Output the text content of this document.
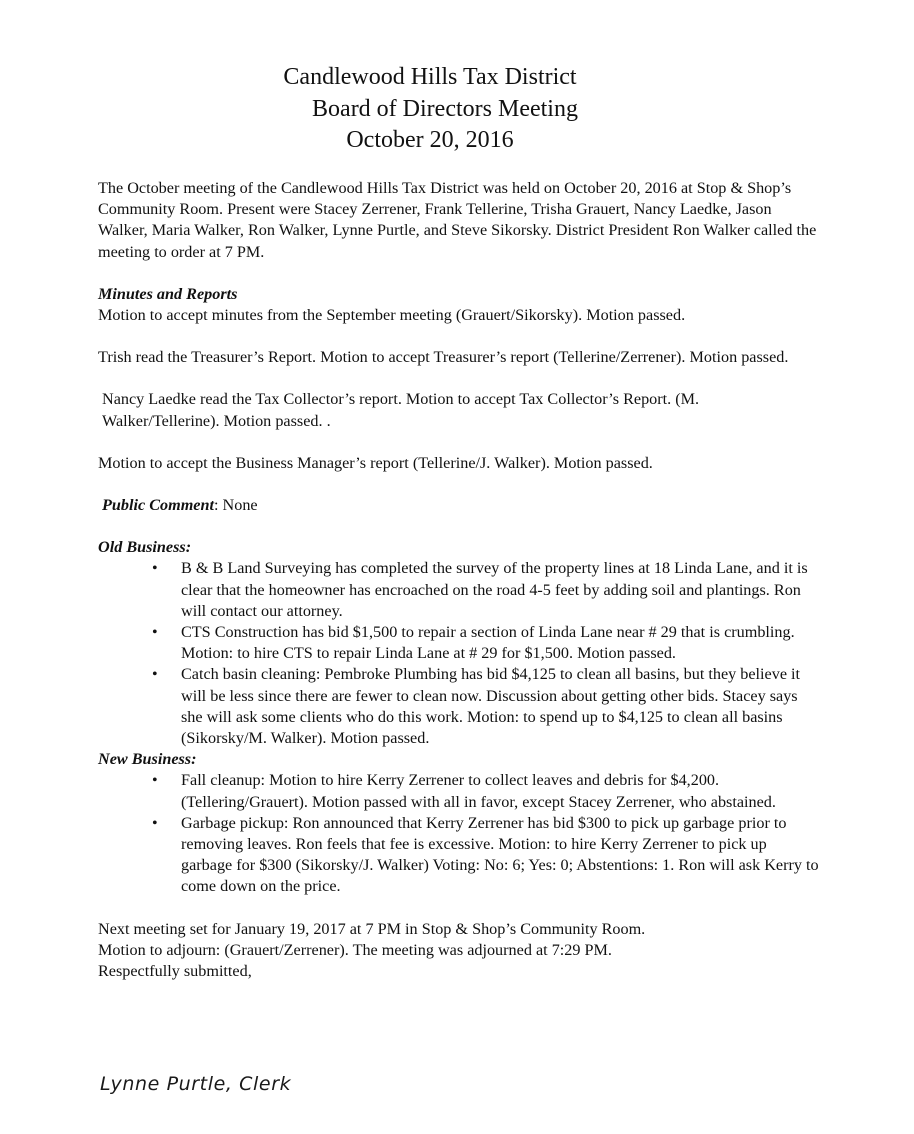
Candlewood Hills Tax District
Board of Directors Meeting
October 20, 2016

The October meeting of the Candlewood Hills Tax District was held on October 20, 2016 at Stop & Shop’s Community Room. Present were Stacey Zerrener, Frank Tellerine, Trisha Grauert, Nancy Laedke, Jason Walker, Maria Walker, Ron Walker, Lynne Purtle, and Steve Sikorsky. District President Ron Walker called the meeting to order at 7 PM.

Minutes and Reports

Motion to accept minutes from the September meeting (Grauert/Sikorsky). Motion passed.

Trish read the Treasurer’s Report. Motion to accept Treasurer’s report (Tellerine/Zerrener). Motion passed.

Nancy Laedke read the Tax Collector’s report. Motion to accept Tax Collector’s Report. (M. Walker/Tellerine). Motion passed. .

Motion to accept the Business Manager’s report (Tellerine/J. Walker). Motion passed.

Public Comment: None

Old Business:

• B & B Land Surveying has completed the survey of the property lines at 18 Linda Lane, and it is clear that the homeowner has encroached on the road 4-5 feet by adding soil and plantings. Ron will contact our attorney.
• CTS Construction has bid $1,500 to repair a section of Linda Lane near # 29 that is crumbling. Motion: to hire CTS to repair Linda Lane at # 29 for $1,500. Motion passed.
• Catch basin cleaning: Pembroke Plumbing has bid $4,125 to clean all basins, but they believe it will be less since there are fewer to clean now. Discussion about getting other bids. Stacey says she will ask some clients who do this work. Motion: to spend up to $4,125 to clean all basins (Sikorsky/M. Walker). Motion passed.

New Business:

• Fall cleanup: Motion to hire Kerry Zerrener to collect leaves and debris for $4,200. (Tellering/Grauert). Motion passed with all in favor, except Stacey Zerrener, who abstained.
• Garbage pickup: Ron announced that Kerry Zerrener has bid $300 to pick up garbage prior to removing leaves. Ron feels that fee is excessive. Motion: to hire Kerry Zerrener to pick up garbage for $300 (Sikorsky/J. Walker) Voting: No: 6; Yes: 0; Abstentions: 1. Ron will ask Kerry to come down on the price.

Next meeting set for January 19, 2017 at 7 PM in Stop & Shop’s Community Room.

Motion to adjourn: (Grauert/Zerrener). The meeting was adjourned at 7:29 PM.

Respectfully submitted,

Lynne Purtle, Clerk
